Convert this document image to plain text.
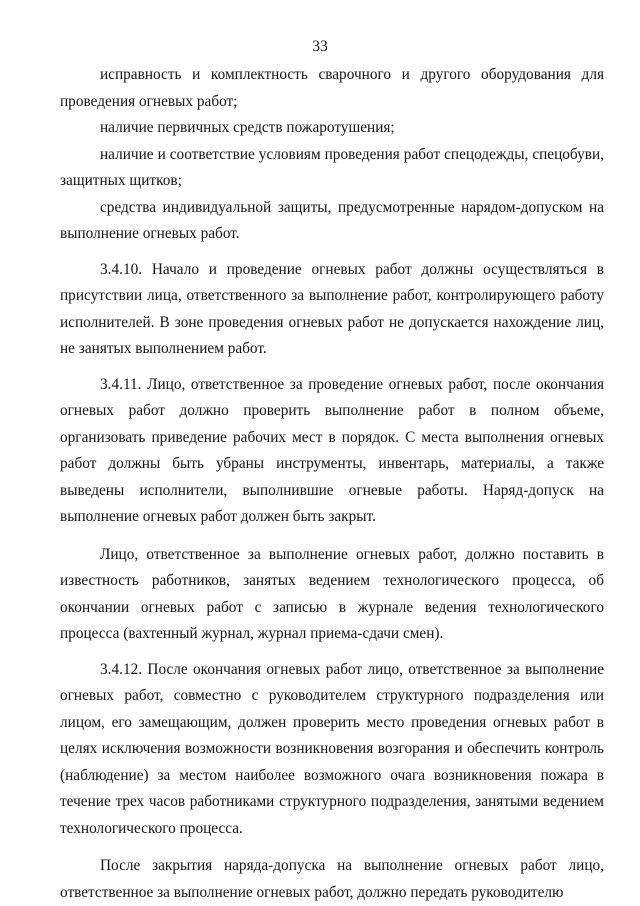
33

исправность и комплектность сварочного и другого оборудования для проведения огневых работ;

наличие первичных средств пожаротушения;

наличие и соответствие условиям проведения работ спецодежды, спецобуви, защитных щитков;

средства индивидуальной защиты, предусмотренные нарядом-допуском на выполнение огневых работ.

3.4.10. Начало и проведение огневых работ должны осуществляться в присутствии лица, ответственного за выполнение работ, контролирующего работу исполнителей. В зоне проведения огневых работ не допускается нахождение лиц, не занятых выполнением работ.

3.4.11. Лицо, ответственное за проведение огневых работ, после окончания огневых работ должно проверить выполнение работ в полном объеме, организовать приведение рабочих мест в порядок. С места выполнения огневых работ должны быть убраны инструменты, инвентарь, материалы, а также выведены исполнители, выполнившие огневые работы. Наряд-допуск на выполнение огневых работ должен быть закрыт.

Лицо, ответственное за выполнение огневых работ, должно поставить в известность работников, занятых ведением технологического процесса, об окончании огневых работ с записью в журнале ведения технологического процесса (вахтенный журнал, журнал приема-сдачи смен).

3.4.12. После окончания огневых работ лицо, ответственное за выполнение огневых работ, совместно с руководителем структурного подразделения или лицом, его замещающим, должен проверить место проведения огневых работ в целях исключения возможности возникновения возгорания и обеспечить контроль (наблюдение) за местом наиболее возможного очага возникновения пожара в течение трех часов работниками структурного подразделения, занятыми ведением технологического процесса.

После закрытия наряда-допуска на выполнение огневых работ лицо, ответственное за выполнение огневых работ, должно передать руководителю
